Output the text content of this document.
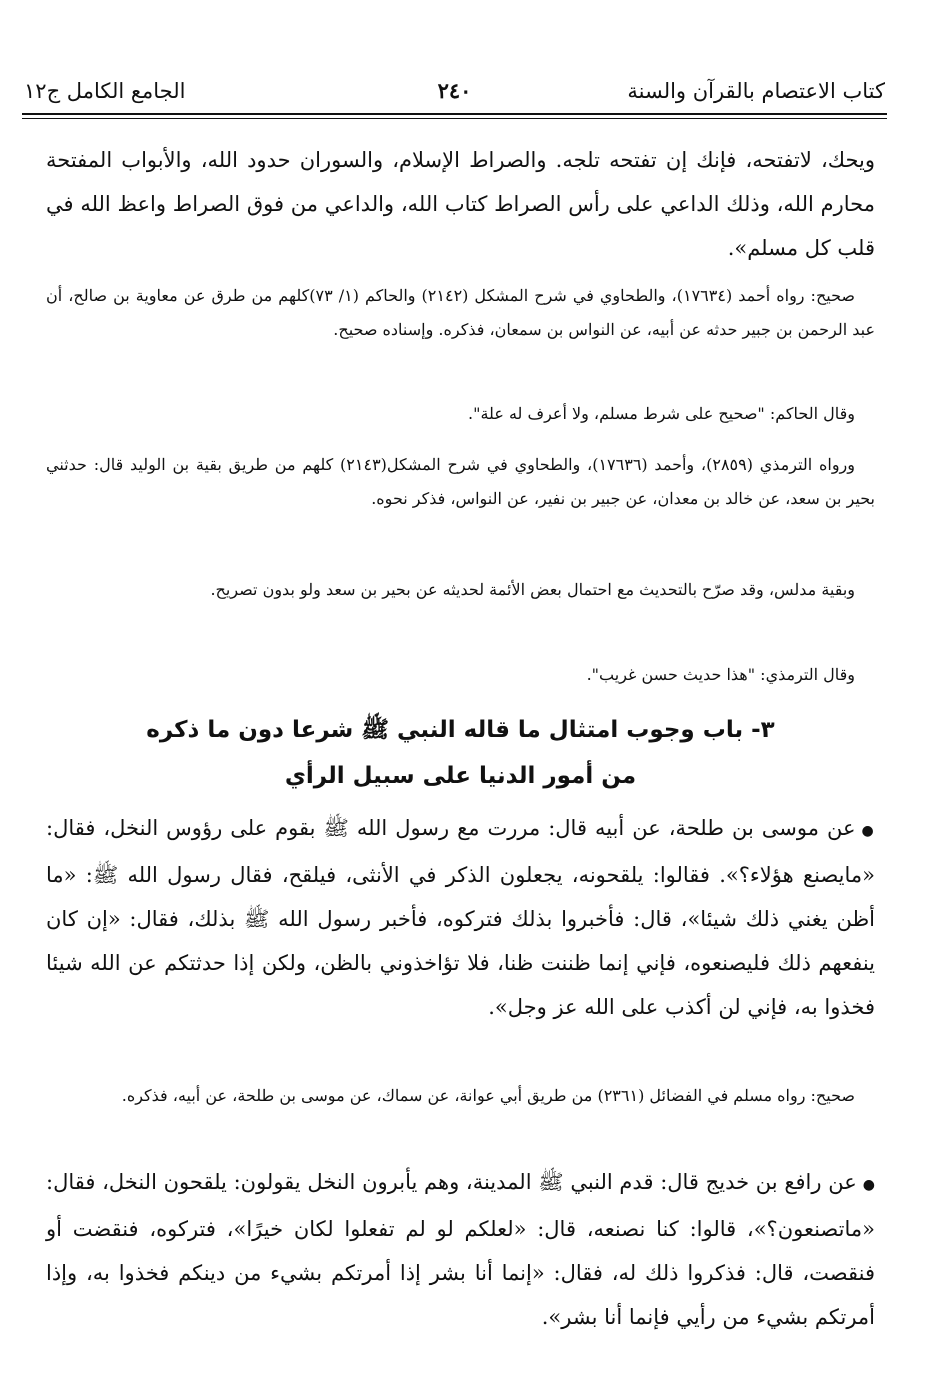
كتاب الاعتصام بالقرآن والسنة
٢٤٠
الجامع الكامل ج١٢

ويحك، لاتفتحه، فإنك إن تفتحه تلجه. والصراط الإسلام، والسوران حدود الله، والأبواب المفتحة محارم الله، وذلك الداعي على رأس الصراط كتاب الله، والداعي من فوق الصراط واعظ الله في قلب كل مسلم».

صحيح: رواه أحمد (١٧٦٣٤)، والطحاوي في شرح المشكل (٢١٤٢) والحاكم (١/ ٧٣)كلهم من طرق عن معاوية بن صالح، أن عبد الرحمن بن جبير حدثه عن أبيه، عن النواس بن سمعان، فذكره. وإسناده صحيح.

وقال الحاكم: "صحيح على شرط مسلم، ولا أعرف له علة".

ورواه الترمذي (٢٨٥٩)، وأحمد (١٧٦٣٦)، والطحاوي في شرح المشكل(٢١٤٣) كلهم من طريق بقية بن الوليد قال: حدثني بحير بن سعد، عن خالد بن معدان، عن جبير بن نفير، عن النواس، فذكر نحوه.

وبقية مدلس، وقد صرّح بالتحديث مع احتمال بعض الأئمة لحديثه عن بحير بن سعد ولو بدون تصريح.

وقال الترمذي: "هذا حديث حسن غريب".

٣- باب وجوب امتثال ما قاله النبي ﷺ شرعا دون ما ذكره
من أمور الدنيا على سبيل الرأي

●عن موسى بن طلحة، عن أبيه قال: مررت مع رسول الله ﷺ بقوم على رؤوس النخل، فقال: «مايصنع هؤلاء؟». فقالوا: يلقحونه، يجعلون الذكر في الأنثى، فيلقح، فقال رسول الله ﷺ: «ما أظن يغني ذلك شيئا»، قال: فأخبروا بذلك فتركوه، فأخبر رسول الله ﷺ بذلك، فقال: «إن كان ينفعهم ذلك فليصنعوه، فإني إنما ظننت ظنا، فلا تؤاخذوني بالظن، ولكن إذا حدثتكم عن الله شيئا فخذوا به، فإني لن أكذب على الله عز وجل».

صحيح: رواه مسلم في الفضائل (٢٣٦١) من طريق أبي عوانة، عن سماك، عن موسى بن طلحة، عن أبيه، فذكره.

●عن رافع بن خديج قال: قدم النبي ﷺ المدينة، وهم يأبرون النخل يقولون: يلقحون النخل، فقال: «ماتصنعون؟»، قالوا: كنا نصنعه، قال: «لعلكم لو لم تفعلوا لكان خيرًا»، فتركوه، فنقضت أو فنقصت، قال: فذكروا ذلك له، فقال: «إنما أنا بشر إذا أمرتكم بشيء من دينكم فخذوا به، وإذا أمرتكم بشيء من رأيي فإنما أنا بشر».
